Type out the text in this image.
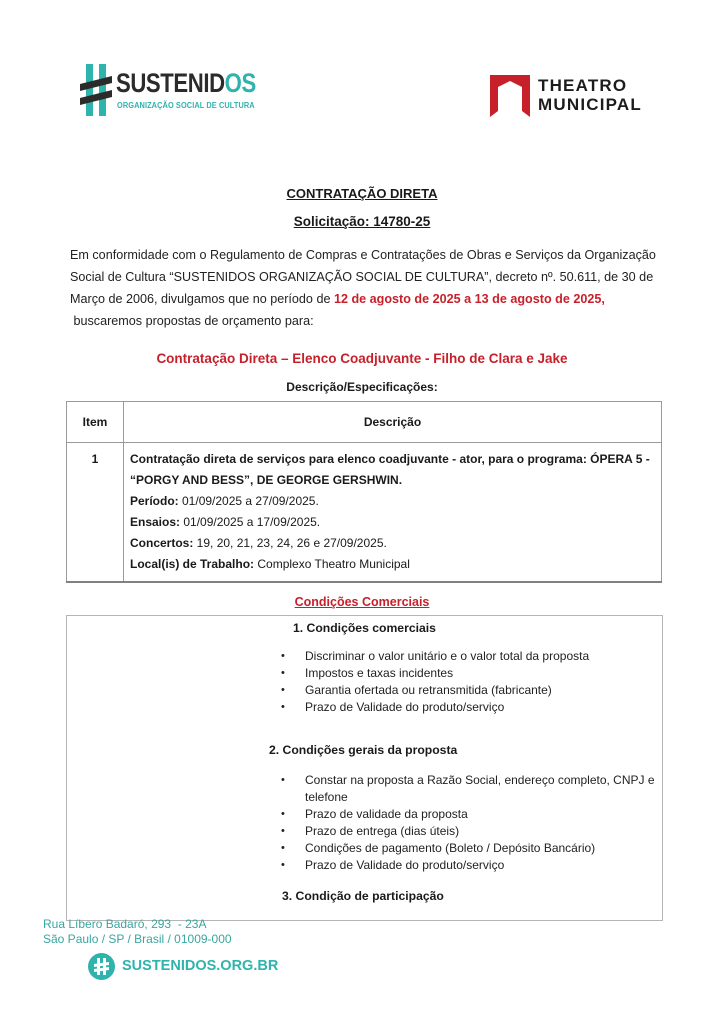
SUSTENIDOS
ORGANIZAÇÃO SOCIAL DE CULTURA
THEATRO
MUNICIPAL
CONTRATAÇÃO DIRETA
Solicitação: 14780-25
Em conformidade com o Regulamento de Compras e Contratações de Obras e Serviços da Organização
Social de Cultura “SUSTENIDOS ORGANIZAÇÃO SOCIAL DE CULTURA”, decreto nº. 50.611, de 30 de
Março de 2006, divulgamos que no período de 12 de agosto de 2025 a 13 de agosto de 2025,
buscaremos propostas de orçamento para:
Contratação Direta – Elenco Coadjuvante - Filho de Clara e Jake
Descrição/Especificações:
Item	Descrição
1	Contratação direta de serviços para elenco coadjuvante - ator, para o programa: ÓPERA 5 - “PORGY AND BESS”, DE GEORGE GERSHWIN.
Período: 01/09/2025 a 27/09/2025.
Ensaios: 01/09/2025 a 17/09/2025.
Concertos: 19, 20, 21, 23, 24, 26 e 27/09/2025.
Local(is) de Trabalho: Complexo Theatro Municipal
Condições Comerciais
1. Condições comerciais
• Discriminar o valor unitário e o valor total da proposta
• Impostos e taxas incidentes
• Garantia ofertada ou retransmitida (fabricante)
• Prazo de Validade do produto/serviço
2. Condições gerais da proposta
• Constar na proposta a Razão Social, endereço completo, CNPJ e telefone
• Prazo de validade da proposta
• Prazo de entrega (dias úteis)
• Condições de pagamento (Boleto / Depósito Bancário)
• Prazo de Validade do produto/serviço
3. Condição de participação
Rua Líbero Badaró, 293  - 23A
São Paulo / SP / Brasil / 01009-000
SUSTENIDOS.ORG.BR
